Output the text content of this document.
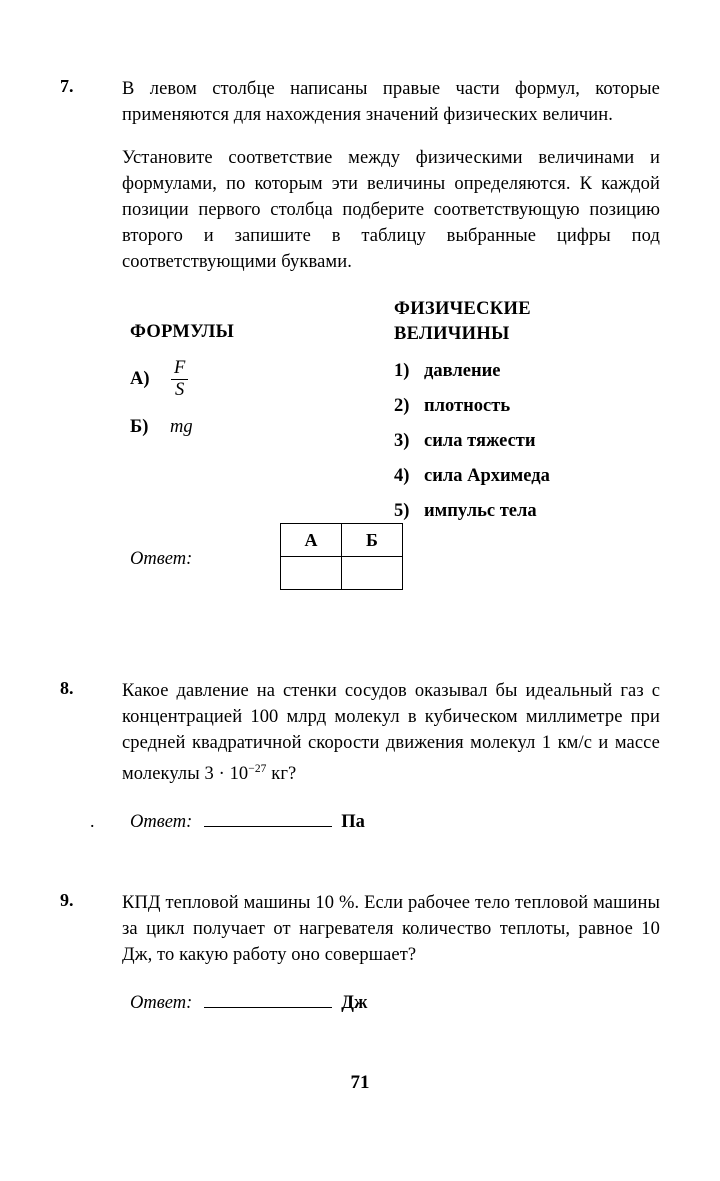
7.	В левом столбце написаны правые части формул, которые применяются для нахождения значений физических величин.

Установите соответствие между физическими величинами и формулами, по которым эти величины определяются. К каждой позиции первого столбца подберите соответствующую позицию второго и запишите в таблицу выбранные цифры под соответствующими буквами.

ФОРМУЛЫ
А)	$\frac{F}{S}$
Б)	mg
ФИЗИЧЕСКИЕ
ВЕЛИЧИНЫ
1) давление
2) плотность
3) сила тяжести
4) сила Архимеда
5) импульс тела
Ответ:
А	Б

8.	Какое давление на стенки сосудов оказывал бы идеальный газ с концентрацией 100 млрд молекул в кубическом миллиметре при средней квадратичной скорости движения молекул 1 км/с и массе молекулы $3 \cdot 10^{-27}$ кг?

. Ответ:	Па
9.	КПД тепловой машины 10 %. Если рабочее тело тепловой машины за цикл получает от нагревателя количество теплоты, равное 10 Дж, то какую работу оно совершает?

Ответ:	Дж
71
